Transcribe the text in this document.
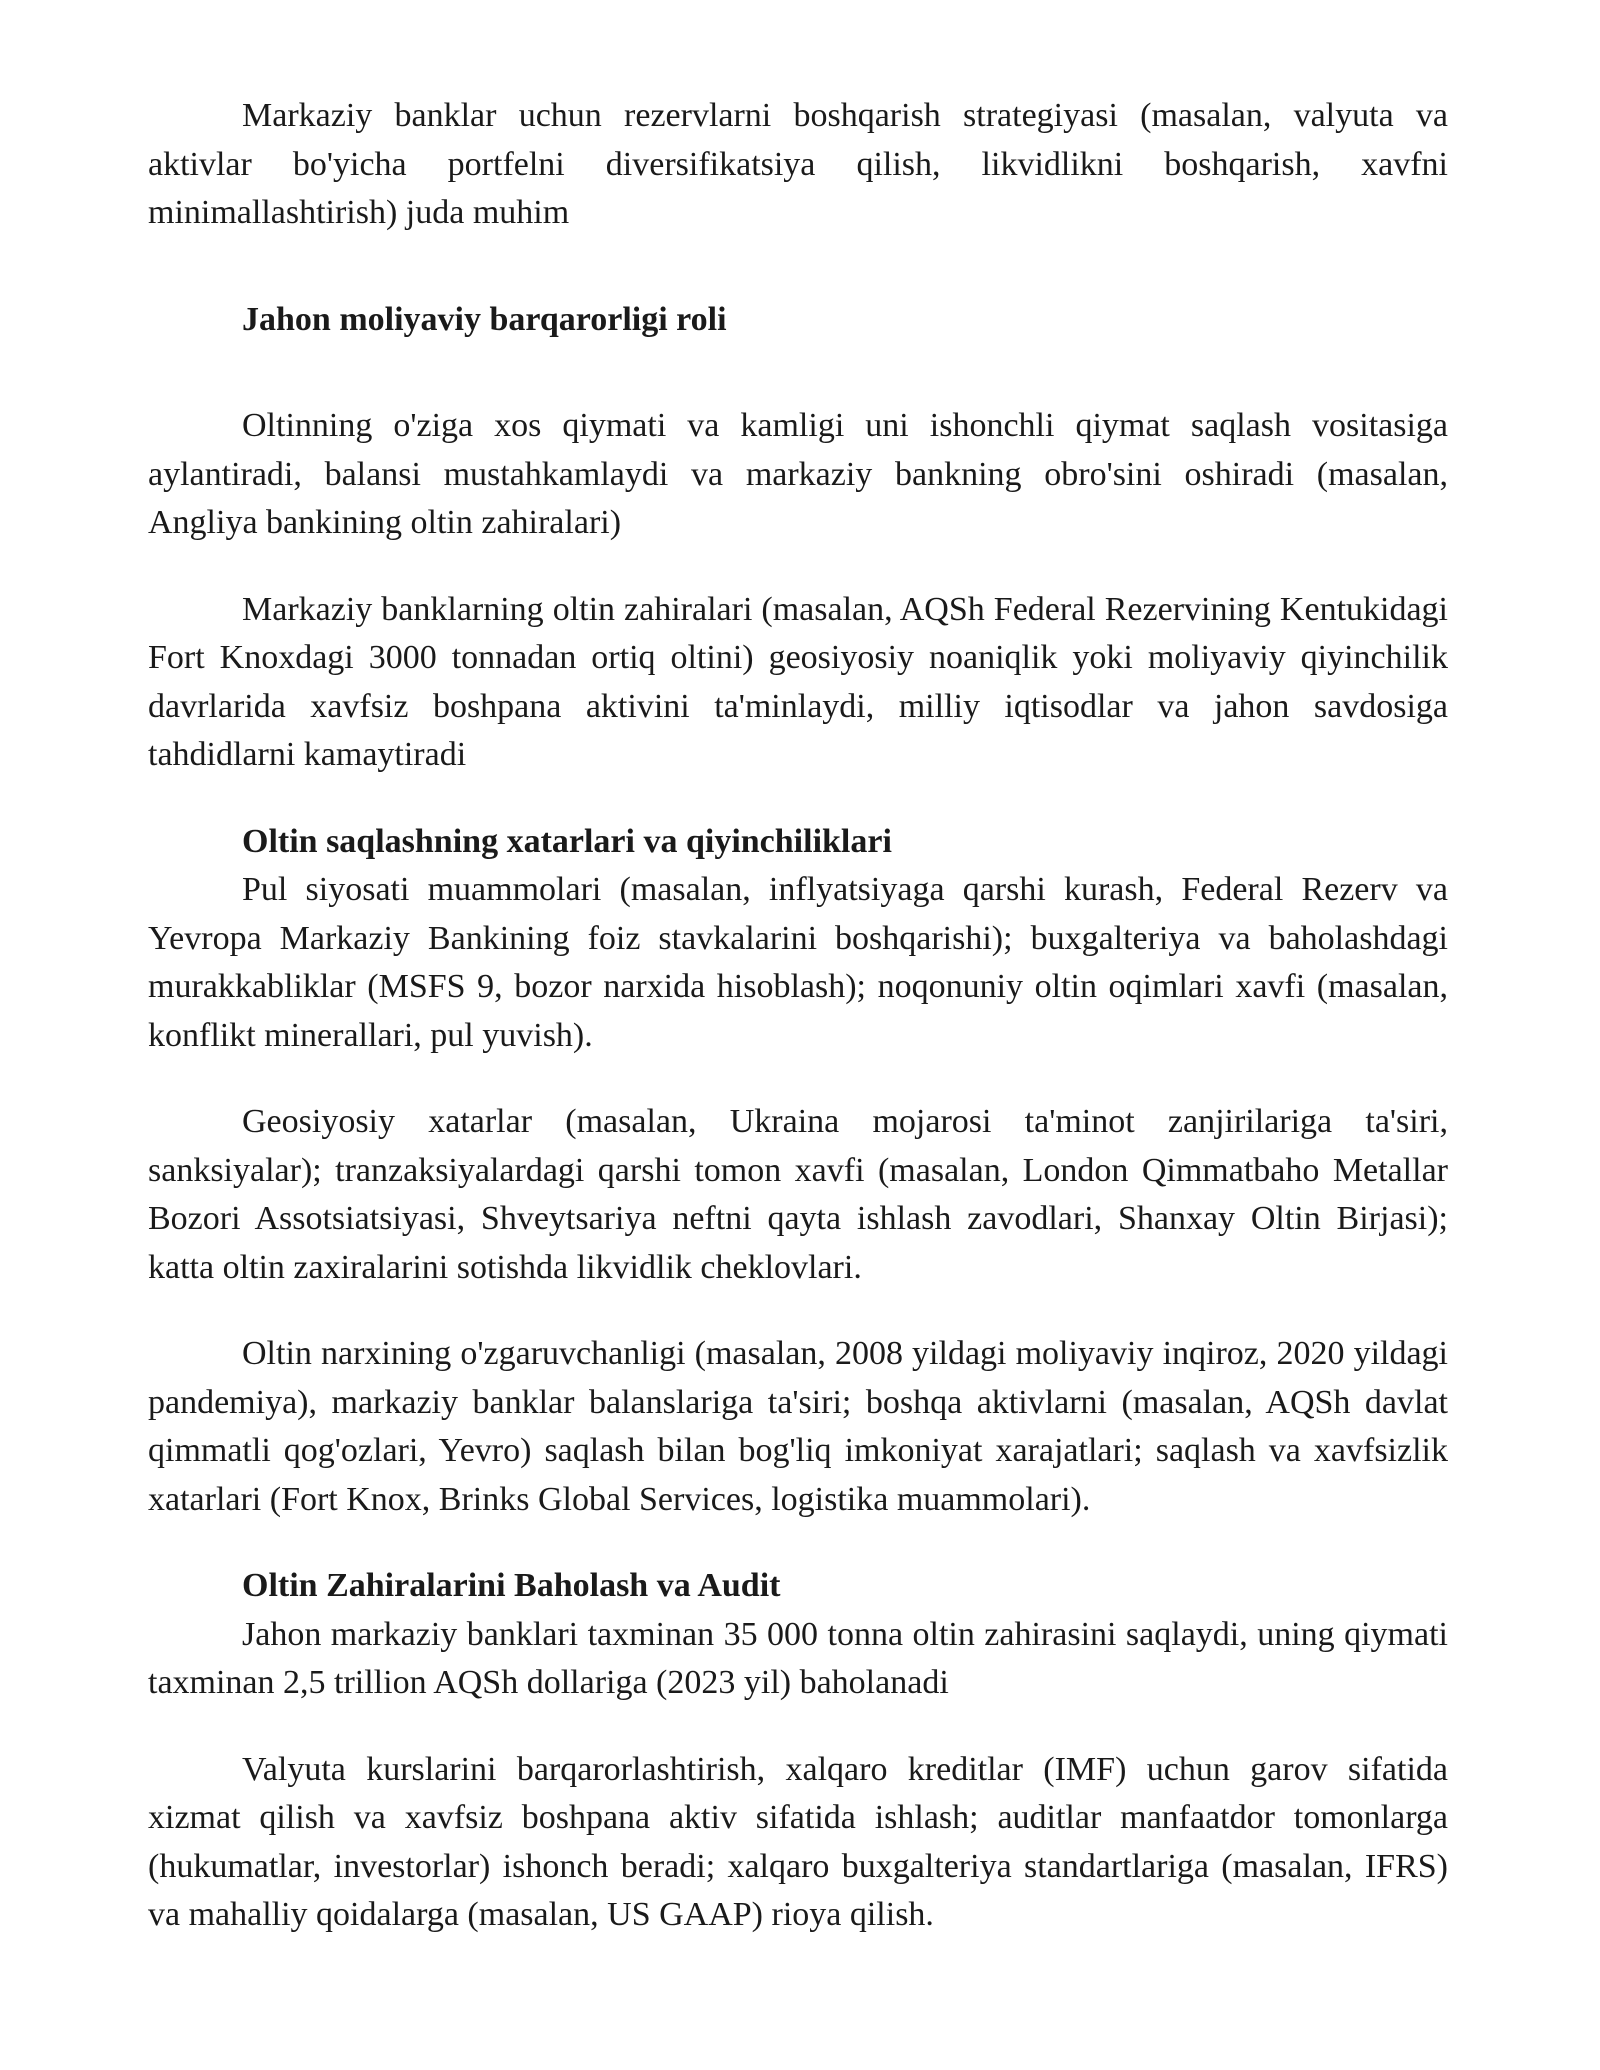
Markaziy banklar uchun rezervlarni boshqarish strategiyasi (masalan, valyuta va aktivlar bo'yicha portfelni diversifikatsiya qilish, likvidlikni boshqarish, xavfni minimallashtirish) juda muhim

Jahon moliyaviy barqarorligi roli

Oltinning o'ziga xos qiymati va kamligi uni ishonchli qiymat saqlash vositasiga aylantiradi, balansi mustahkamlaydi va markaziy bankning obro'sini oshiradi (masalan, Angliya bankining oltin zahiralari)

Markaziy banklarning oltin zahiralari (masalan, AQSh Federal Rezervining Kentukidagi Fort Knoxdagi 3000 tonnadan ortiq oltini) geosiyosiy noaniqlik yoki moliyaviy qiyinchilik davrlarida xavfsiz boshpana aktivini ta'minlaydi, milliy iqtisodlar va jahon savdosiga tahdidlarni kamaytiradi

Oltin saqlashning xatarlari va qiyinchiliklari

Pul siyosati muammolari (masalan, inflyatsiyaga qarshi kurash, Federal Rezerv va Yevropa Markaziy Bankining foiz stavkalarini boshqarishi); buxgalteriya va baholashdagi murakkabliklar (MSFS 9, bozor narxida hisoblash); noqonuniy oltin oqimlari xavfi (masalan, konflikt minerallari, pul yuvish).

Geosiyosiy xatarlar (masalan, Ukraina mojarosi ta'minot zanjirilariga ta'siri, sanksiyalar); tranzaksiyalardagi qarshi tomon xavfi (masalan, London Qimmatbaho Metallar Bozori Assotsiatsiyasi, Shveytsariya neftni qayta ishlash zavodlari, Shanxay Oltin Birjasi); katta oltin zaxiralarini sotishda likvidlik cheklovlari.

Oltin narxining o'zgaruvchanligi (masalan, 2008 yildagi moliyaviy inqiroz, 2020 yildagi pandemiya), markaziy banklar balanslariga ta'siri; boshqa aktivlarni (masalan, AQSh davlat qimmatli qog'ozlari, Yevro) saqlash bilan bog'liq imkoniyat xarajatlari; saqlash va xavfsizlik xatarlari (Fort Knox, Brinks Global Services, logistika muammolari).

Oltin Zahiralarini Baholash va Audit

Jahon markaziy banklari taxminan 35 000 tonna oltin zahirasini saqlaydi, uning qiymati taxminan 2,5 trillion AQSh dollariga (2023 yil) baholanadi

Valyuta kurslarini barqarorlashtirish, xalqaro kreditlar (IMF) uchun garov sifatida xizmat qilish va xavfsiz boshpana aktiv sifatida ishlash; auditlar manfaatdor tomonlarga (hukumatlar, investorlar) ishonch beradi; xalqaro buxgalteriya standartlariga (masalan, IFRS) va mahalliy qoidalarga (masalan, US GAAP) rioya qilish.
